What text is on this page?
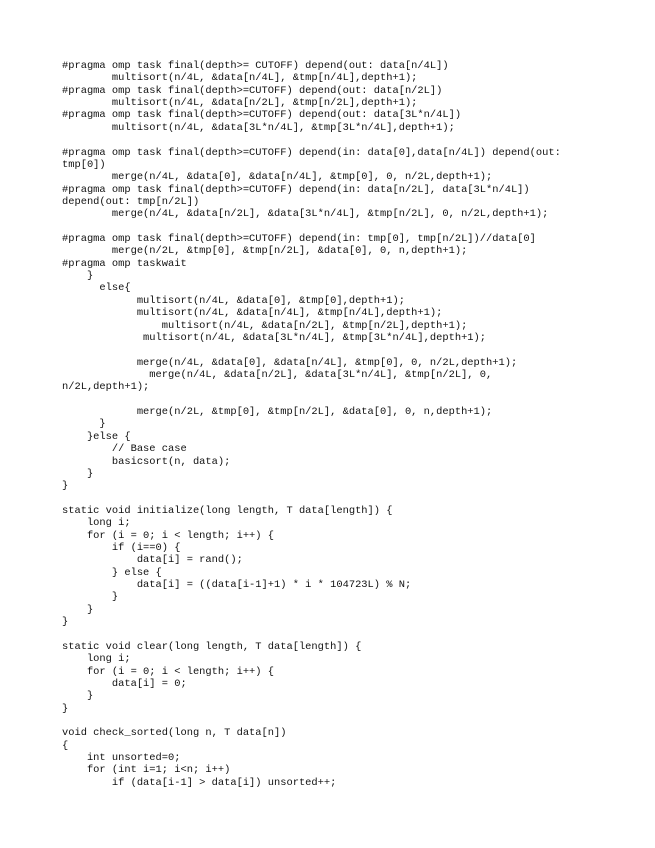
#pragma omp task final(depth>= CUTOFF) depend(out: data[n/4L])
multisort(n/4L, &data[n/4L], &tmp[n/4L],depth+1);
#pragma omp task final(depth>=CUTOFF) depend(out: data[n/2L])
multisort(n/4L, &data[n/2L], &tmp[n/2L],depth+1);
#pragma omp task final(depth>=CUTOFF) depend(out: data[3L*n/4L])
multisort(n/4L, &data[3L*n/4L], &tmp[3L*n/4L],depth+1);
#pragma omp task final(depth>=CUTOFF) depend(in: data[0],data[n/4L]) depend(out:
tmp[0])
merge(n/4L, &data[0], &data[n/4L], &tmp[0], 0, n/2L,depth+1);
#pragma omp task final(depth>=CUTOFF) depend(in: data[n/2L], data[3L*n/4L])
depend(out: tmp[n/2L])
merge(n/4L, &data[n/2L], &data[3L*n/4L], &tmp[n/2L], 0, n/2L,depth+1);
#pragma omp task final(depth>=CUTOFF) depend(in: tmp[0], tmp[n/2L])//data[0]
merge(n/2L, &tmp[0], &tmp[n/2L], &data[0], 0, n,depth+1);
#pragma omp taskwait
}
else{
multisort(n/4L, &data[0], &tmp[0],depth+1);
multisort(n/4L, &data[n/4L], &tmp[n/4L],depth+1);
multisort(n/4L, &data[n/2L], &tmp[n/2L],depth+1);
multisort(n/4L, &data[3L*n/4L], &tmp[3L*n/4L],depth+1);
merge(n/4L, &data[0], &data[n/4L], &tmp[0], 0, n/2L,depth+1);
merge(n/4L, &data[n/2L], &data[3L*n/4L], &tmp[n/2L], 0,
n/2L,depth+1);
merge(n/2L, &tmp[0], &tmp[n/2L], &data[0], 0, n,depth+1);
}
}else {
// Base case
basicsort(n, data);
}
}
static void initialize(long length, T data[length]) {
long i;
for (i = 0; i < length; i++) {
if (i==0) {
data[i] = rand();
} else {
data[i] = ((data[i-1]+1) * i * 104723L) % N;
}
}
}
static void clear(long length, T data[length]) {
long i;
for (i = 0; i < length; i++) {
data[i] = 0;
}
}
void check_sorted(long n, T data[n])
{
int unsorted=0;
for (int i=1; i<n; i++)
if (data[i-1] > data[i]) unsorted++;
